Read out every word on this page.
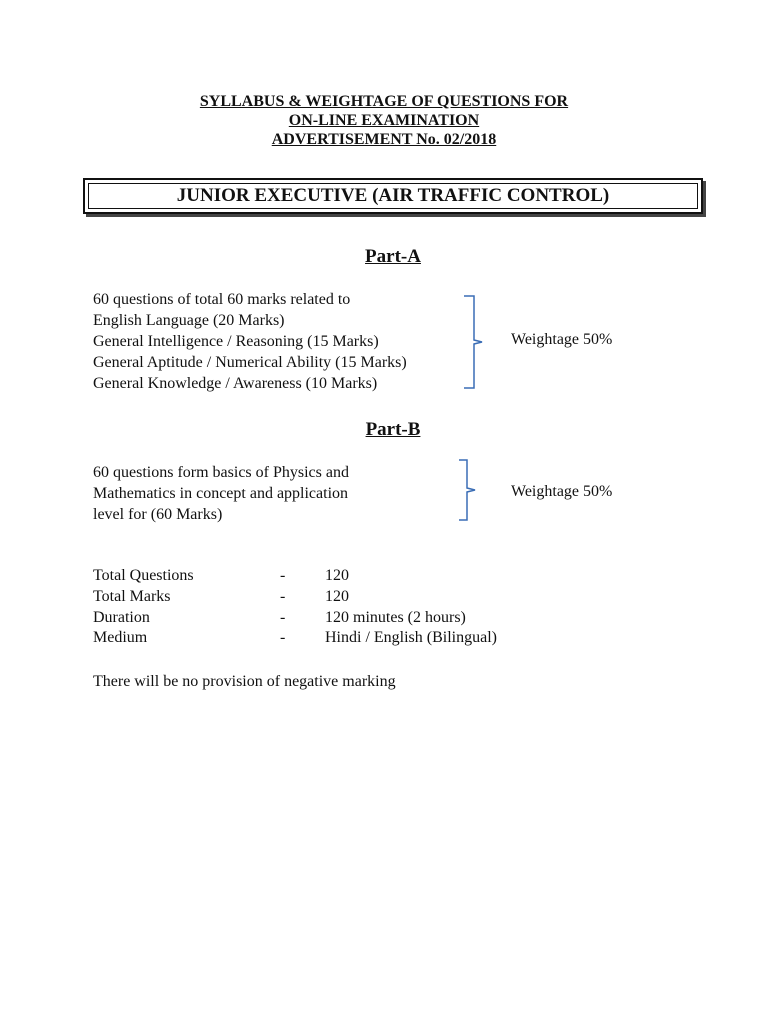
SYLLABUS & WEIGHTAGE OF QUESTIONS FOR
ON-LINE EXAMINATION
ADVERTISEMENT No. 02/2018
JUNIOR EXECUTIVE (AIR TRAFFIC CONTROL)
Part-A
60 questions of total 60 marks related to
English Language (20 Marks)
General Intelligence / Reasoning (15 Marks)
General Aptitude / Numerical Ability (15 Marks)
General Knowledge / Awareness (10 Marks)
Weightage 50%
Part-B
60 questions form basics of Physics and
Mathematics in concept and application
level for (60 Marks)
Weightage 50%
Total Questions	- 120
Total Marks	- 120
Duration	- 120 minutes (2 hours)
Medium	- Hindi / English (Bilingual)
There will be no provision of negative marking
